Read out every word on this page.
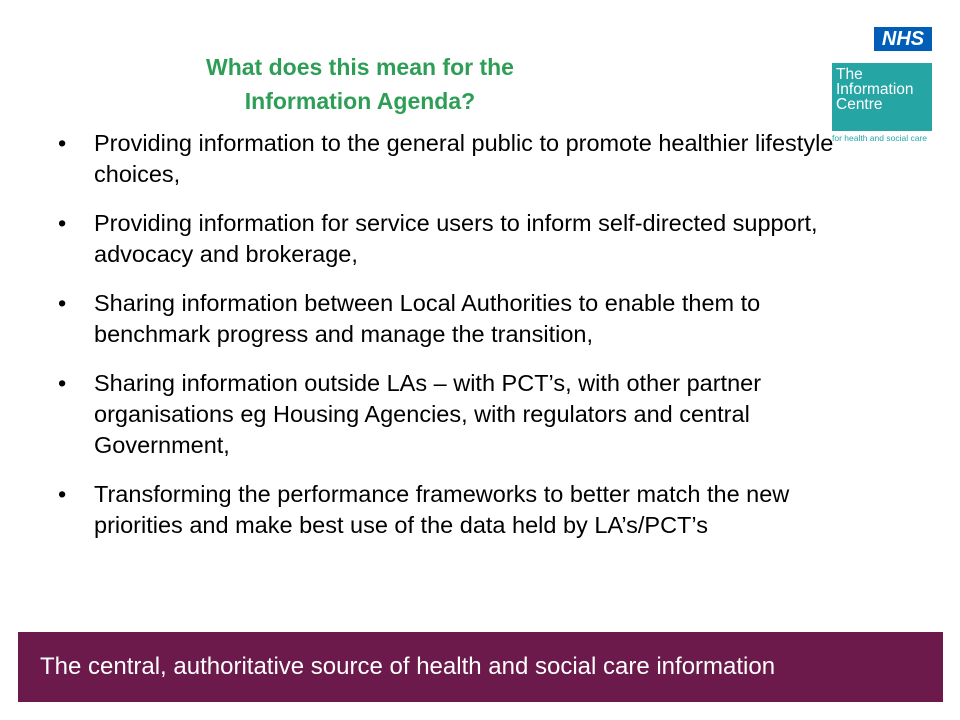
What does this mean for the
Information Agenda?
NHS
The
Information
Centre
for health and social care
• Providing information to the general public to promote healthier lifestyle choices,
• Providing information for service users to inform self-directed support, advocacy and brokerage,
• Sharing information between Local Authorities to enable them to benchmark progress and manage the transition,
• Sharing information outside LAs – with PCT’s, with other partner organisations eg Housing Agencies, with regulators and central Government,
• Transforming the performance frameworks to better match the new priorities and make best use of the data held by LA’s/PCT’s
The central, authoritative source of health and social care information
